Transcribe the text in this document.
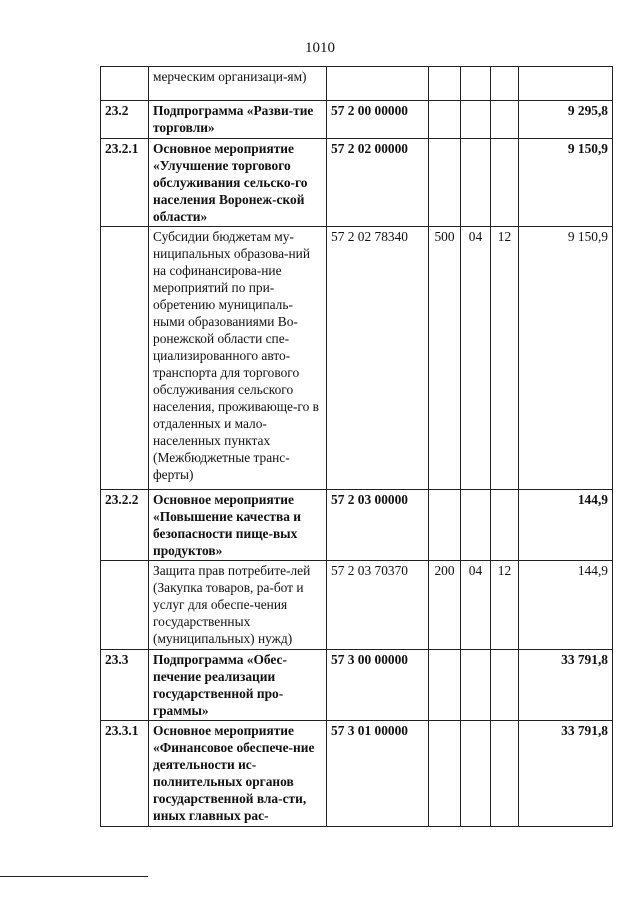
1010
	мерческим организаци-ям)					
23.2	Подпрограмма «Разви-тие торговли»	57 2 00 00000				9 295,8
23.2.1	Основное мероприятие «Улучшение торгового обслуживания сельско-го населения Воронеж-ской области»	57 2 02 00000				9 150,9
	Субсидии бюджетам му-ниципальных образова-ний на софинансирова-ние мероприятий по при-обретению муниципаль-ными образованиями Во-ронежской области спе-циализированного авто-транспорта для торгового обслуживания сельского населения, проживающе-го в отдаленных и мало-населенных пунктах (Межбюджетные транс-ферты)	57 2 02 78340	500	04	12	9 150,9
23.2.2	Основное мероприятие «Повышение качества и безопасности пище-вых продуктов»	57 2 03 00000				144,9
	Защита прав потребите-лей (Закупка товаров, ра-бот и услуг для обеспе-чения государственных (муниципальных) нужд)	57 2 03 70370	200	04	12	144,9
23.3	Подпрограмма «Обес-печение реализации государственной про-граммы»	57 3 00 00000				33 791,8
23.3.1	Основное мероприятие «Финансовое обеспече-ние деятельности ис-полнительных органов государственной вла-сти, иных главных рас-	57 3 01 00000				33 791,8
